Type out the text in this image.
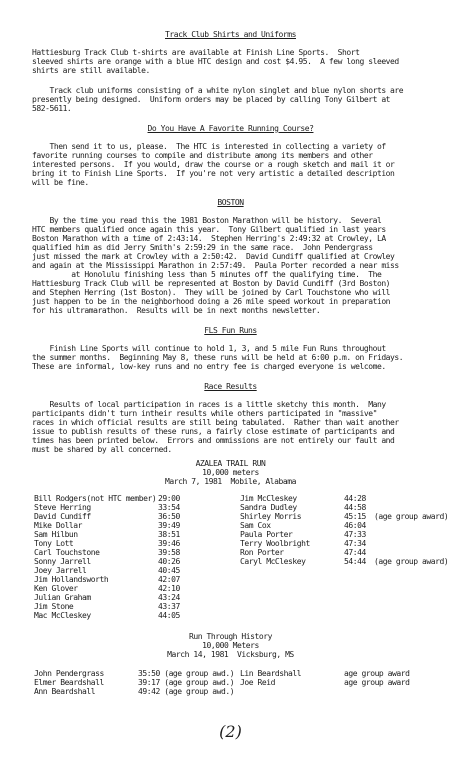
Track Club Shirts and Uniforms
Hattiesburg Track Club t-shirts are available at Finish Line Sports.  Short
sleeved shirts are orange with a blue HTC design and cost $4.95.  A few long sleeved
shirts are still available.
Track club uniforms consisting of a white nylon singlet and blue nylon shorts are
presently being designed.  Uniform orders may be placed by calling Tony Gilbert at
582-5611.
Do You Have A Favorite Running Course?
Then send it to us, please.  The HTC is interested in collecting a variety of
favorite running courses to compile and distribute among its members and other
interested persons.  If you would, draw the course or a rough sketch and mail it or
bring it to Finish Line Sports.  If you're not very artistic a detailed description
will be fine.
BOSTON
By the time you read this the 1981 Boston Marathon will be history.  Several
HTC members qualified once again this year.  Tony Gilbert qualified in last years
Boston Marathon with a time of 2:43:14.  Stephen Herring's 2:49:32 at Crowley, LA
qualified him as did Jerry Smith's 2:59:29 in the same race.  John Pendergrass
just missed the mark at Crowley with a 2:50:42.  David Cundiff qualified at Crowley
and again at the Mississippi Marathon in 2:57:49.  Paula Porter recorded a near miss
at Honolulu finishing less than 5 minutes off the qualifying time.  The
Hattiesburg Track Club will be represented at Boston by David Cundiff (3rd Boston)
and Stephen Herring (1st Boston).  They will be joined by Carl Touchstone who will
just happen to be in the neighborhood doing a 26 mile speed workout in preparation
for his ultramarathon.  Results will be in next months newsletter.
FLS Fun Runs
Finish Line Sports will continue to hold 1, 3, and 5 mile Fun Runs throughout
the summer months.  Beginning May 8, these runs will be held at 6:00 p.m. on Fridays.
These are informal, low-key runs and no entry fee is charged everyone is welcome.
Race Results
Results of local participation in races is a little sketchy this month.  Many
participants didn't turn intheir results while others participated in "massive"
races in which official results are still being tabulated.  Rather than wait another
issue to publish results of these runs, a fairly close estimate of participants and
times has been printed below.  Errors and ommissions are not entirely our fault and
must be shared by all concerned.
AZALEA TRAIL RUN
10,000 meters
March 7, 1981  Mobile, Alabama
Bill Rodgers(not HTC member) 29:00
Steve Herring	33:54
David Cundiff	36:50
Mike Dollar	39:49
Sam Hilbun	38:51
Tony Lott	39:46
Carl Touchstone	39:58
Sonny Jarrell	40:26
Joey Jarrell	40:45
Jim Hollandsworth	42:07
Ken Glover	42:10
Julian Graham	43:24
Jim Stone	43:37
Mac McCleskey	44:05
Jim McCleskey	44:28
Sandra Dudley	44:58
Shirley Morris	45:15 (age group award)
Sam Cox	46:04
Paula Porter	47:33
Terry Woolbright	47:34
Ron Porter	47:44
Caryl McCleskey	54:44 (age group award)
Run Through History
10,000 Meters
March 14, 1981  Vicksburg, MS
John Pendergrass	35:50 (age group awd.) Lin Beardshall	age group award
Elmer Beardshall	39:17 (age group awd.) Joe Reid	age group award
Ann Beardshall	49:42 (age group awd.)
(2)
